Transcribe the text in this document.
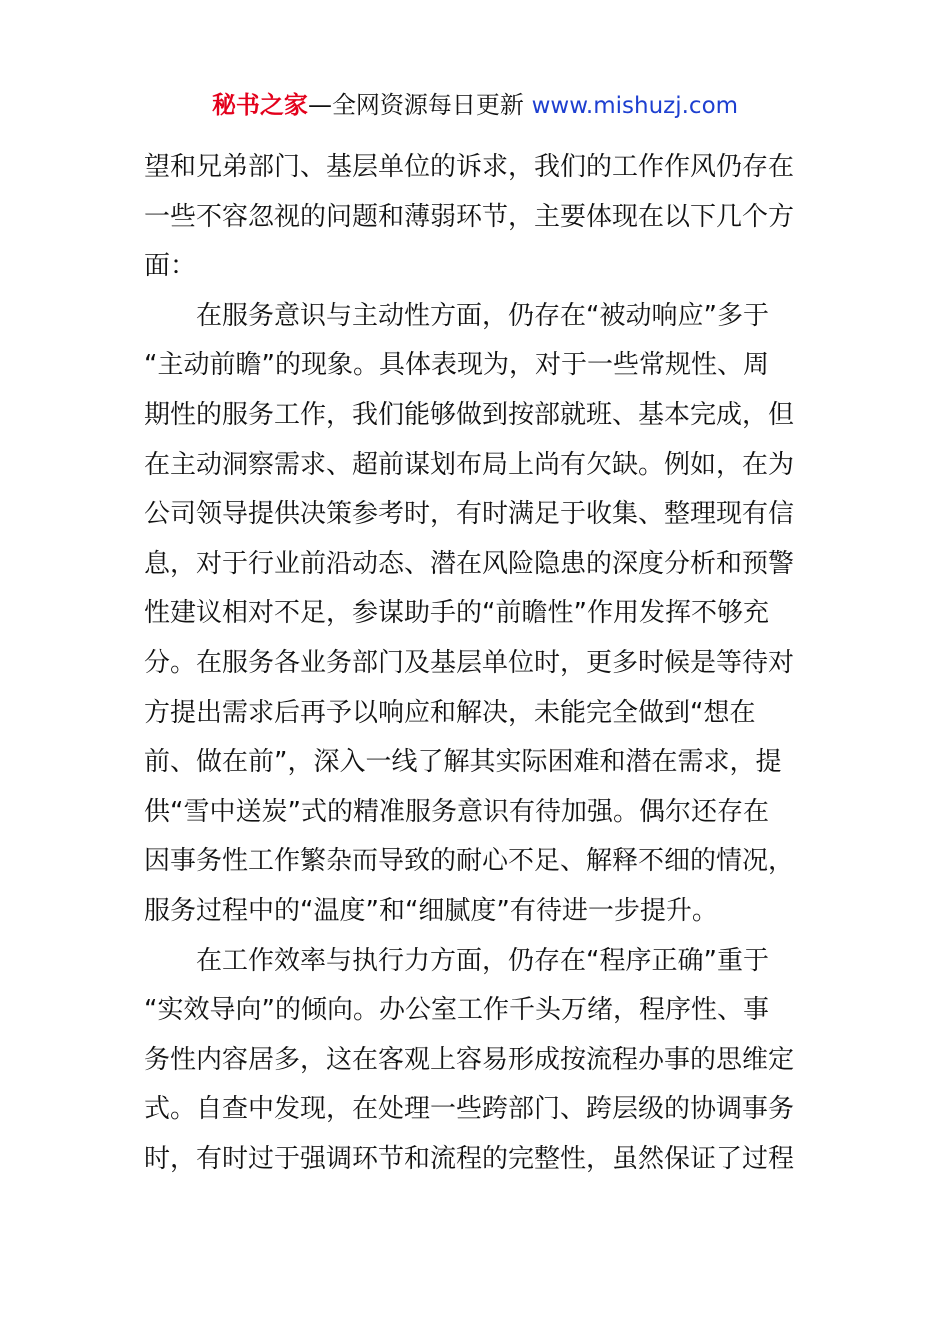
秘书之家—全网资源每日更新 www.mishuzj.com
望和兄弟部门、基层单位的诉求，我们的工作作风仍存在
一些不容忽视的问题和薄弱环节，主要体现在以下几个方
面：
在服务意识与主动性方面，仍存在“被动响应”多于
“主动前瞻”的现象。具体表现为，对于一些常规性、周
期性的服务工作，我们能够做到按部就班、基本完成，但
在主动洞察需求、超前谋划布局上尚有欠缺。例如，在为
公司领导提供决策参考时，有时满足于收集、整理现有信
息，对于行业前沿动态、潜在风险隐患的深度分析和预警
性建议相对不足，参谋助手的“前瞻性”作用发挥不够充
分。在服务各业务部门及基层单位时，更多时候是等待对
方提出需求后再予以响应和解决，未能完全做到“想在
前、做在前”，深入一线了解其实际困难和潜在需求，提
供“雪中送炭”式的精准服务意识有待加强。偶尔还存在
因事务性工作繁杂而导致的耐心不足、解释不细的情况，
服务过程中的“温度”和“细腻度”有待进一步提升。
在工作效率与执行力方面，仍存在“程序正确”重于
“实效导向”的倾向。办公室工作千头万绪，程序性、事
务性内容居多，这在客观上容易形成按流程办事的思维定
式。自查中发现，在处理一些跨部门、跨层级的协调事务
时，有时过于强调环节和流程的完整性，虽然保证了过程
